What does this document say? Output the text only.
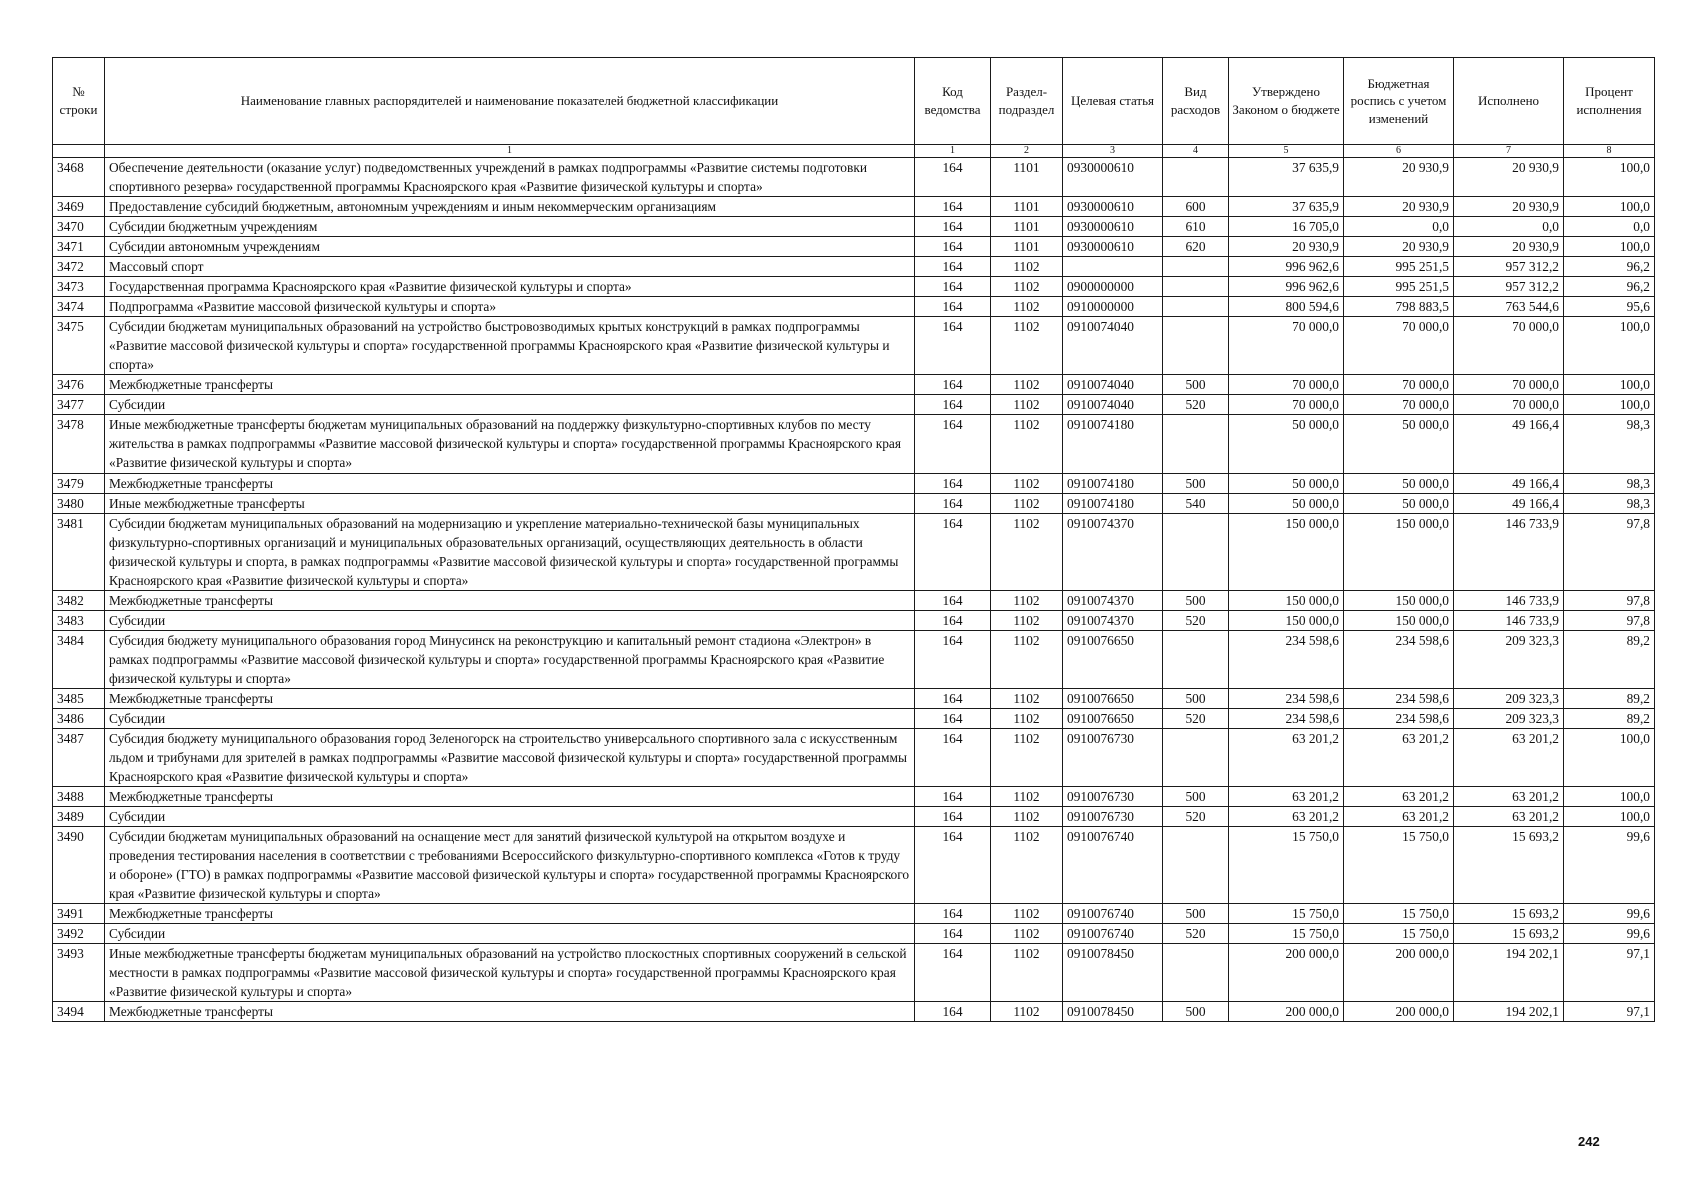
№ строки	Наименование главных распорядителей и наименование показателей бюджетной классификации	Код ведомства	Раздел-подраздел	Целевая статья	Вид расходов	Утверждено Законом о бюджете	Бюджетная роспись с учетом изменений	Исполнено	Процент исполнения
	1	1	2	3	4	5	6	7	8
3468	Обеспечение деятельности (оказание услуг) подведомственных учреждений в рамках подпрограммы «Развитие системы подготовки спортивного резерва» государственной программы Красноярского края «Развитие физической культуры и спорта»	164	1101	0930000610		37 635,9	20 930,9	20 930,9	100,0
3469	Предоставление субсидий бюджетным, автономным учреждениям и иным некоммерческим организациям	164	1101	0930000610	600	37 635,9	20 930,9	20 930,9	100,0
3470	Субсидии бюджетным учреждениям	164	1101	0930000610	610	16 705,0	0,0	0,0	0,0
3471	Субсидии автономным учреждениям	164	1101	0930000610	620	20 930,9	20 930,9	20 930,9	100,0
3472	Массовый спорт	164	1102			996 962,6	995 251,5	957 312,2	96,2
3473	Государственная программа Красноярского края «Развитие физической культуры и спорта»	164	1102	0900000000		996 962,6	995 251,5	957 312,2	96,2
3474	Подпрограмма «Развитие массовой физической культуры и спорта»	164	1102	0910000000		800 594,6	798 883,5	763 544,6	95,6
3475	Субсидии бюджетам муниципальных образований на устройство быстровозводимых крытых конструкций в рамках подпрограммы «Развитие массовой физической культуры и спорта» государственной программы Красноярского края «Развитие физической культуры и спорта»	164	1102	0910074040		70 000,0	70 000,0	70 000,0	100,0
3476	Межбюджетные трансферты	164	1102	0910074040	500	70 000,0	70 000,0	70 000,0	100,0
3477	Субсидии	164	1102	0910074040	520	70 000,0	70 000,0	70 000,0	100,0
3478	Иные межбюджетные трансферты бюджетам муниципальных образований на поддержку физкультурно-спортивных клубов по месту жительства в рамках подпрограммы «Развитие массовой физической культуры и спорта» государственной программы Красноярского края «Развитие физической культуры и спорта»	164	1102	0910074180		50 000,0	50 000,0	49 166,4	98,3
3479	Межбюджетные трансферты	164	1102	0910074180	500	50 000,0	50 000,0	49 166,4	98,3
3480	Иные межбюджетные трансферты	164	1102	0910074180	540	50 000,0	50 000,0	49 166,4	98,3
3481	Субсидии бюджетам муниципальных образований на модернизацию и укрепление материально-технической базы муниципальных физкультурно-спортивных организаций и муниципальных образовательных организаций, осуществляющих деятельность в области физической культуры и спорта, в рамках подпрограммы «Развитие массовой физической культуры и спорта» государственной программы Красноярского края «Развитие физической культуры и спорта»	164	1102	0910074370		150 000,0	150 000,0	146 733,9	97,8
3482	Межбюджетные трансферты	164	1102	0910074370	500	150 000,0	150 000,0	146 733,9	97,8
3483	Субсидии	164	1102	0910074370	520	150 000,0	150 000,0	146 733,9	97,8
3484	Субсидия бюджету муниципального образования город Минусинск на реконструкцию и капитальный ремонт стадиона «Электрон» в рамках подпрограммы «Развитие массовой физической культуры и спорта» государственной программы Красноярского края «Развитие физической культуры и спорта»	164	1102	0910076650		234 598,6	234 598,6	209 323,3	89,2
3485	Межбюджетные трансферты	164	1102	0910076650	500	234 598,6	234 598,6	209 323,3	89,2
3486	Субсидии	164	1102	0910076650	520	234 598,6	234 598,6	209 323,3	89,2
3487	Субсидия бюджету муниципального образования город Зеленогорск на строительство универсального спортивного зала с искусственным льдом и трибунами для зрителей в рамках подпрограммы «Развитие массовой физической культуры и спорта» государственной программы Красноярского края «Развитие физической культуры и спорта»	164	1102	0910076730		63 201,2	63 201,2	63 201,2	100,0
3488	Межбюджетные трансферты	164	1102	0910076730	500	63 201,2	63 201,2	63 201,2	100,0
3489	Субсидии	164	1102	0910076730	520	63 201,2	63 201,2	63 201,2	100,0
3490	Субсидии бюджетам муниципальных образований на оснащение мест для занятий физической культурой на открытом воздухе и проведения тестирования населения в соответствии с требованиями Всероссийского физкультурно-спортивного комплекса «Готов к труду и обороне» (ГТО) в рамках подпрограммы «Развитие массовой физической культуры и спорта» государственной программы Красноярского края «Развитие физической культуры и спорта»	164	1102	0910076740		15 750,0	15 750,0	15 693,2	99,6
3491	Межбюджетные трансферты	164	1102	0910076740	500	15 750,0	15 750,0	15 693,2	99,6
3492	Субсидии	164	1102	0910076740	520	15 750,0	15 750,0	15 693,2	99,6
3493	Иные межбюджетные трансферты бюджетам муниципальных образований на устройство плоскостных спортивных сооружений в сельской местности в рамках подпрограммы «Развитие массовой физической культуры и спорта» государственной программы Красноярского края «Развитие физической культуры и спорта»	164	1102	0910078450		200 000,0	200 000,0	194 202,1	97,1
3494	Межбюджетные трансферты	164	1102	0910078450	500	200 000,0	200 000,0	194 202,1	97,1
242
